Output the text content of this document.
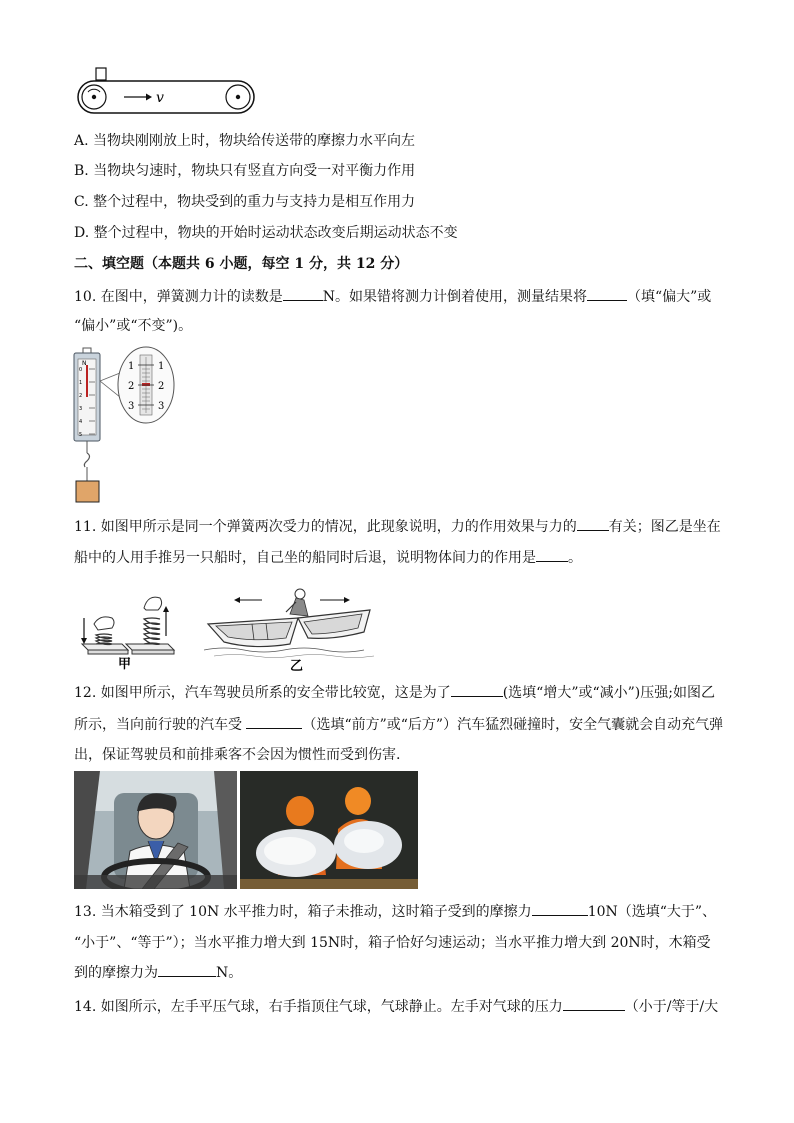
v
A. 当物块刚刚放上时，物块给传送带的摩擦力水平向左
B. 当物块匀速时，物块只有竖直方向受一对平衡力作用
C. 整个过程中，物块受到的重力与支持力是相互作用力
D. 整个过程中，物块的开始时运动状态改变后期运动状态不变
二、填空题（本题共 6 小题，每空 1 分，共 12 分）
10. 在图中，弹簧测力计的读数是	N。如果错将测力计倒着使用，测量结果将	（填“偏大”或
“偏小”或“不变”)。
N
0
1
2
3
4
5
1 1
2 2
3 3
11. 如图甲所示是同一个弹簧两次受力的情况，此现象说明，力的作用效果与力的 有关；图乙是坐在
船中的人用手推另一只船时，自己坐的船同时后退，说明物体间力的作用是 。
甲	乙
12. 如图甲所示，汽车驾驶员所系的安全带比较宽，这是为了	(选填“增大”或“减小”)压强;如图乙
所示，当向前行驶的汽车受	（选填“前方”或“后方”）汽车猛烈碰撞时，安全气囊就会自动充气弹
出，保证驾驶员和前排乘客不会因为惯性而受到伤害.
13. 当木箱受到了 10N 水平推力时，箱子未推动，这时箱子受到的摩擦力	10N（选填“大于”、
“小于”、“等于”）；当水平推力增大到 15N时，箱子恰好匀速运动；当水平推力增大到 20N时，木箱受
到的摩擦力为	N。
14. 如图所示，左手平压气球，右手指顶住气球，气球静止。左手对气球的压力	（小于/等于/大
